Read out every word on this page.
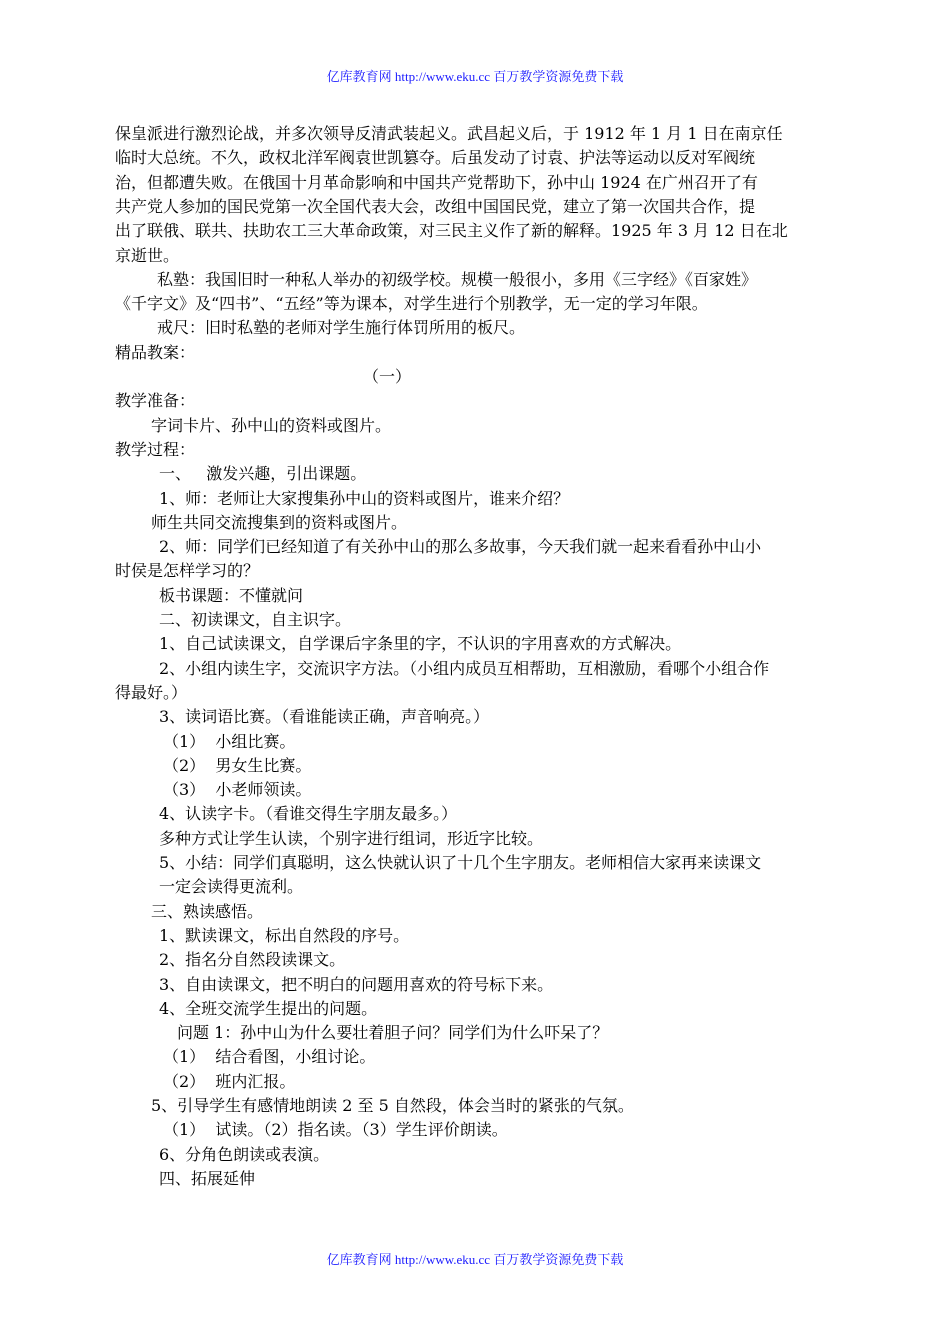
亿库教育网 http://www.eku.cc 百万教学资源免费下载
保皇派进行激烈论战，并多次领导反清武装起义。武昌起义后，于 1912 年 1 月 1 日在南京任
临时大总统。不久，政权北洋军阀袁世凯篡夺。后虽发动了讨袁、护法等运动以反对军阀统
治，但都遭失败。在俄国十月革命影响和中国共产党帮助下，孙中山 1924 在广州召开了有
共产党人参加的国民党第一次全国代表大会，改组中国国民党，建立了第一次国共合作，提
出了联俄、联共、扶助农工三大革命政策，对三民主义作了新的解释。1925 年 3 月 12 日在北
京逝世。
私塾：我国旧时一种私人举办的初级学校。规模一般很小，多用《三字经》《百家姓》
《千字文》及“四书”、“五经”等为课本，对学生进行个别教学，无一定的学习年限。
戒尺：旧时私塾的老师对学生施行体罚所用的板尺。
精品教案：
（一）
教学准备：
字词卡片、孙中山的资料或图片。
教学过程：
一、   激发兴趣，引出课题。
1、师：老师让大家搜集孙中山的资料或图片，谁来介绍？
师生共同交流搜集到的资料或图片。
2、师：同学们已经知道了有关孙中山的那么多故事，今天我们就一起来看看孙中山小
时侯是怎样学习的？
板书课题：不懂就问
二、初读课文，自主识字。
1、自己试读课文，自学课后字条里的字，不认识的字用喜欢的方式解决。
2、小组内读生字，交流识字方法。（小组内成员互相帮助，互相激励，看哪个小组合作
得最好。）
3、读词语比赛。（看谁能读正确，声音响亮。）
（1）  小组比赛。
（2）  男女生比赛。
（3）  小老师领读。
4、认读字卡。（看谁交得生字朋友最多。）
多种方式让学生认读，个别字进行组词，形近字比较。
5、小结：同学们真聪明，这么快就认识了十几个生字朋友。老师相信大家再来读课文
一定会读得更流利。
三、熟读感悟。
1、默读课文，标出自然段的序号。
2、指名分自然段读课文。
3、自由读课文，把不明白的问题用喜欢的符号标下来。
4、全班交流学生提出的问题。
问题 1：孙中山为什么要壮着胆子问？同学们为什么吓呆了？
（1）  结合看图，小组讨论。
（2）  班内汇报。
5、引导学生有感情地朗读 2 至 5 自然段，体会当时的紧张的气氛。
（1）  试读。（2）指名读。（3）学生评价朗读。
6、分角色朗读或表演。
四、拓展延伸
亿库教育网 http://www.eku.cc 百万教学资源免费下载
